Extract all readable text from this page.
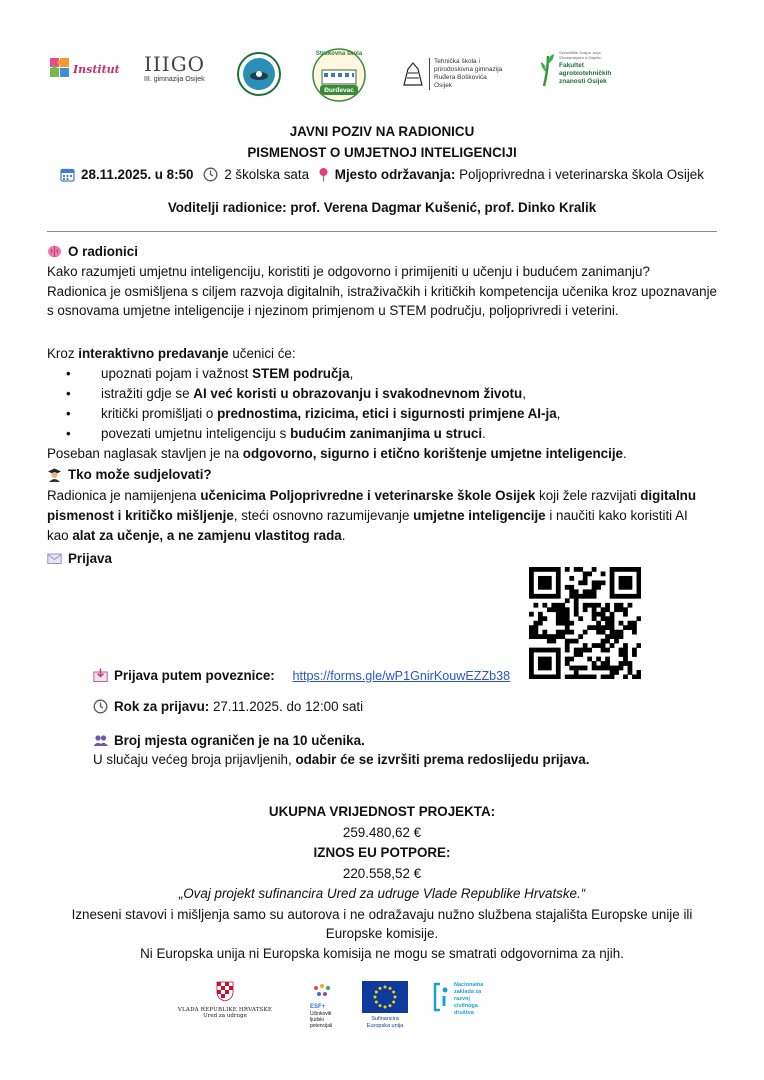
Institut IIIGO
III. gimnazija Osijek
Strukovna škola
Đurđevac
Tehnička škola i
prirodoslovna gimnazija
Ruđera Boškovića
Osijek
Sveučilište Josipa Jurja Strossmayera u Osijeku
Fakultet
agrobiotehničkih
znanosti Osijek
JAVNI POZIV NA RADIONICU
PISMENOST O UMJETNOJ INTELIGENCIJI
28.11.2025. u 8:50 2 školska sata Mjesto održavanja: Poljoprivredna i veterinarska škola Osijek
Voditelji radionice: prof. Verena Dagmar Kušenić, prof. Dinko Kralik
O radionici
Kako razumjeti umjetnu inteligenciju, koristiti je odgovorno i primijeniti u učenju i budućem zanimanju?
Radionica je osmišljena s ciljem razvoja digitalnih, istraživačkih i kritičkih kompetencija učenika kroz upoznavanje s osnovama umjetne inteligencije i njezinom primjenom u STEM području, poljoprivredi i veterini.
Kroz interaktivno predavanje učenici će:
upoznati pojam i važnost STEM područja,
istražiti gdje se AI već koristi u obrazovanju i svakodnevnom životu,
kritički promišljati o prednostima, rizicima, etici i sigurnosti primjene AI-ja,
povezati umjetnu inteligenciju s budućim zanimanjima u struci.
Poseban naglasak stavljen je na odgovorno, sigurno i etično korištenje umjetne inteligencije.
Tko može sudjelovati?
Radionica je namijenjena učenicima Poljoprivredne i veterinarske škole Osijek koji žele razvijati digitalnu
pismenost i kritičko mišljenje, steći osnovno razumijevanje umjetne inteligencije i naučiti kako koristiti AI
kao alat za učenje, a ne zamjenu vlastitog rada.
Prijava
Prijava putem poveznice: https://forms.gle/wP1GnirKouwEZZb38
Rok za prijavu: 27.11.2025. do 12:00 sati
Broj mjesta ograničen je na 10 učenika.
U slučaju većeg broja prijavljenih, odabir će se izvršiti prema redoslijedu prijava.
UKUPNA VRIJEDNOST PROJEKTA:
259.480,62 €
IZNOS EU POTPORE:
220.558,52 €
„Ovaj projekt sufinancira Ured za udruge Vlade Republike Hrvatske.“
Izneseni stavovi i mišljenja samo su autorova i ne odražavaju nužno službena stajališta Europske unije ili
Europske komisije.
Ni Europska unija ni Europska komisija ne mogu se smatrati odgovornima za njih.
VLADA REPUBLIKE HRVATSKE
Ured za udruge
ESF+
Učinkoviti
ljudski
potencijali
Sufinancira
Europska unija
Nacionalna
zaklada za
razvoj
civilnoga
društva
